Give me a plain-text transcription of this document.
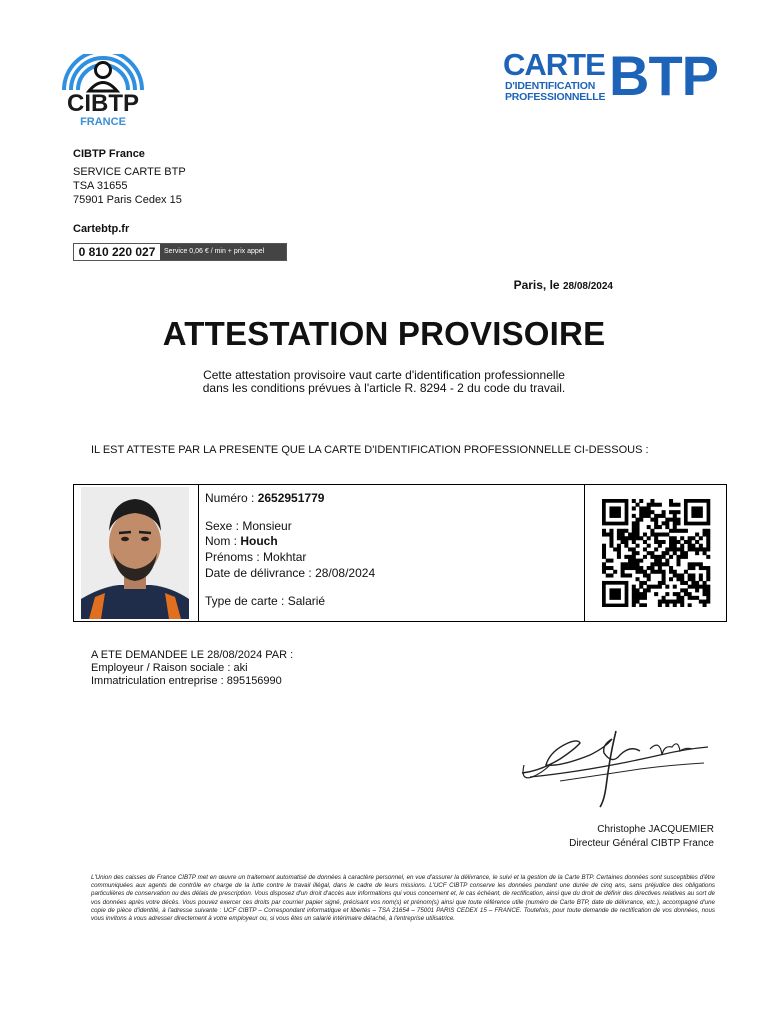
CIBTP
FRANCE
CARTE
D'IDENTIFICATION
PROFESSIONNELLE BTP
CIBTP France
SERVICE CARTE BTP
TSA 31655
75901 Paris Cedex 15
Cartebtp.fr
0 810 220 027	Service 0,06 € / min + prix appel
Paris, le 28/08/2024
ATTESTATION PROVISOIRE
Cette attestation provisoire vaut carte d'identification professionnelle
dans les conditions prévues à l'article R. 8294 - 2 du code du travail.
IL EST ATTESTE PAR LA PRESENTE QUE LA CARTE D'IDENTIFICATION PROFESSIONNELLE CI-DESSOUS :
Numéro : 2652951779
Sexe : Monsieur
Nom : Houch
Prénoms : Mokhtar
Date de délivrance : 28/08/2024
Type de carte : Salarié
A ETE DEMANDEE LE 28/08/2024 PAR :
Employeur / Raison sociale : aki
Immatriculation entreprise : 895156990
Christophe JACQUEMIER
Directeur Général CIBTP France
L'Union des caisses de France CIBTP met en œuvre un traitement automatisé de données à caractère personnel, en vue d'assurer la délivrance, le suivi et la gestion de la Carte BTP. Certaines données sont susceptibles d'être communiquées aux agents de contrôle en charge de la lutte contre le travail illégal, dans le cadre de leurs missions. L'UCF CIBTP conserve les données pendant une durée de cinq ans, sans préjudice des obligations particulières de conservation ou des délais de prescription. Vous disposez d'un droit d'accès aux informations qui vous concernent et, le cas échéant, de rectification, ainsi que du droit de définir des directives relatives au sort de vos données après votre décès. Vous pouvez exercer ces droits par courrier papier signé, précisant vos nom(s) et prénom(s) ainsi que toute référence utile (numéro de Carte BTP, date de délivrance, etc.), accompagné d'une copie de pièce d'identité, à l'adresse suivante : UCF CIBTP – Correspondant informatique et libertés – TSA 21654 – 75001 PARIS CEDEX 15 – FRANCE. Toutefois, pour toute demande de rectification de vos données, nous vous invitons à vous adresser directement à votre employeur ou, si vous êtes un salarié intérimaire détaché, à l'entreprise utilisatrice.
